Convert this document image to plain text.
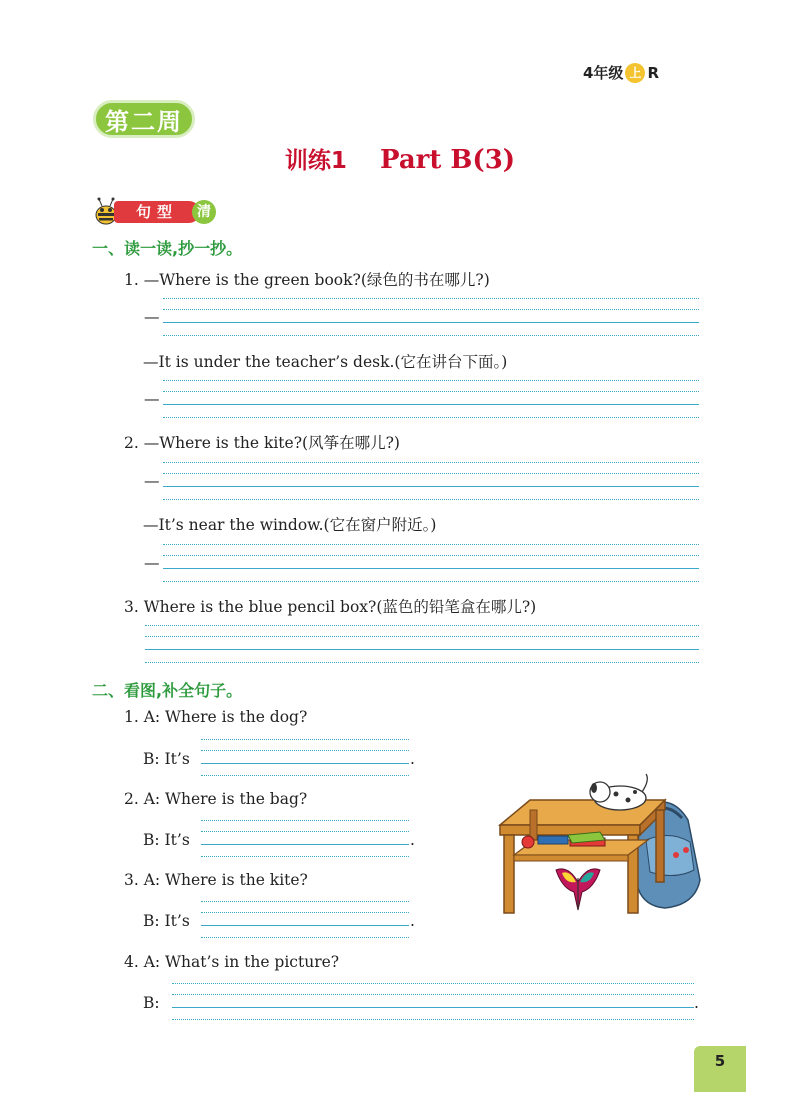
4年级 上 R
第二周
训练1 Part B(3)
句型	清
一、读一读,抄一抄。
1. —Where is the green book?(绿色的书在哪儿?)
—
—It is under the teacher’s desk.(它在讲台下面。)
—
2. —Where is the kite?(风筝在哪儿?)
—
—It’s near the window.(它在窗户附近。)
—
3. Where is the blue pencil box?(蓝色的铅笔盒在哪儿?)
二、看图,补全句子。
1. A: Where is the dog?
B: It’s	.
2. A: Where is the bag?
B: It’s	.
3. A: Where is the kite?
B: It’s	.
4. A: What’s in the picture?
B:	.
5
